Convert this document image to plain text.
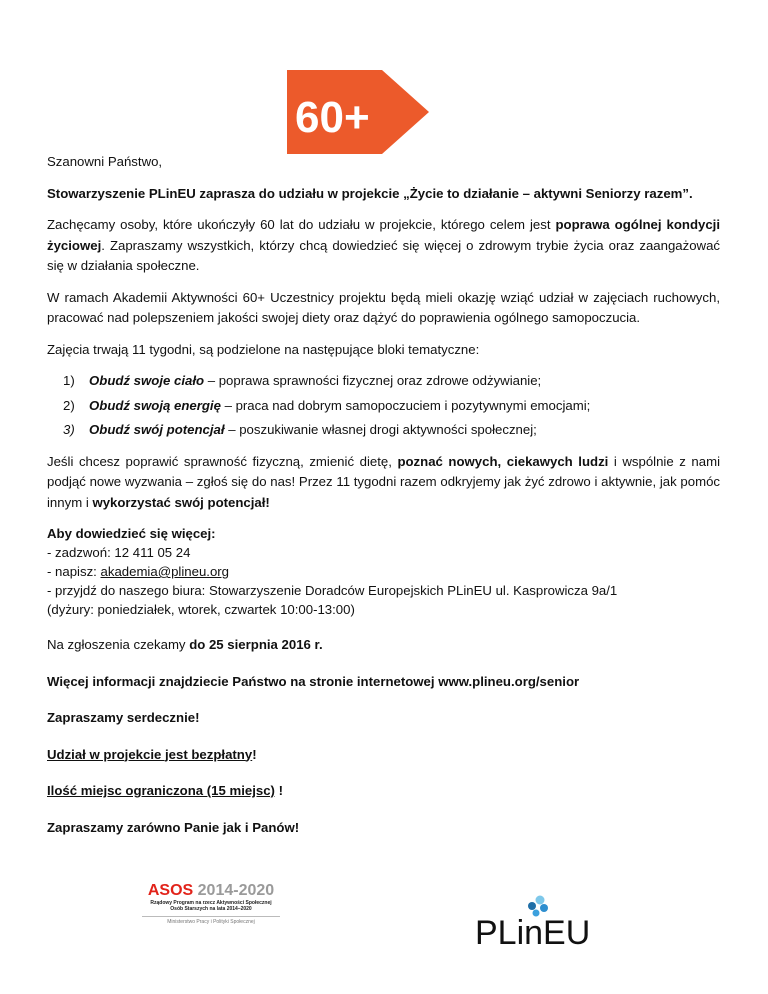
60+

Szanowni Państwo,

Stowarzyszenie PLinEU zaprasza do udziału w projekcie „Życie to działanie – aktywni Seniorzy razem”.

Zachęcamy osoby, które ukończyły 60 lat do udziału w projekcie, którego celem jest poprawa ogólnej kondycji życiowej. Zapraszamy wszystkich, którzy chcą dowiedzieć się więcej o zdrowym trybie życia oraz zaangażować się w działania społeczne.

W ramach Akademii Aktywności 60+ Uczestnicy projektu będą mieli okazję wziąć udział w zajęciach ruchowych, pracować nad polepszeniem jakości swojej diety oraz dążyć do poprawienia ogólnego samopoczucia.

Zajęcia trwają 11 tygodni, są podzielone na następujące bloki tematyczne:

1) Obudź swoje ciało – poprawa sprawności fizycznej oraz zdrowe odżywianie;
2) Obudź swoją energię – praca nad dobrym samopoczuciem i pozytywnymi emocjami;
3) Obudź swój potencjał – poszukiwanie własnej drogi aktywności społecznej;

Jeśli chcesz poprawić sprawność fizyczną, zmienić dietę, poznać nowych, ciekawych ludzi i wspólnie z nami podjąć nowe wyzwania – zgłoś się do nas! Przez 11 tygodni razem odkryjemy jak żyć zdrowo i aktywnie, jak pomóc innym i wykorzystać swój potencjał!

Aby dowiedzieć się więcej:
- zadzwoń: 12 411 05 24
- napisz: akademia@plineu.org
- przyjdź do naszego biura: Stowarzyszenie Doradców Europejskich PLinEU ul. Kasprowicza 9a/1
(dyżury: poniedziałek, wtorek, czwartek 10:00-13:00)

Na zgłoszenia czekamy do 25 sierpnia 2016 r.

Więcej informacji znajdziecie Państwo na stronie internetowej www.plineu.org/senior

Zapraszamy serdecznie!

Udział w projekcie jest bezpłatny!

Ilość miejsc ograniczona (15 miejsc) !

Zapraszamy zarówno Panie jak i Panów!

ASOS 2014-2020
Rządowy Program na rzecz Aktywności Społecznej
Osób Starszych na lata 2014–2020
Ministerstwo Pracy i Polityki Społecznej	PLinEU
